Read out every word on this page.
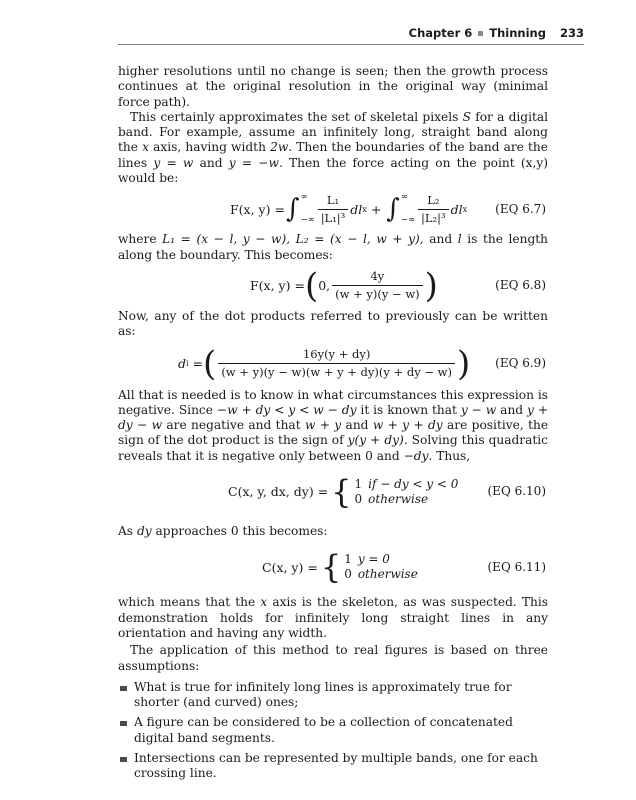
Chapter 6 Thinning 233

higher resolutions until no change is seen; then the growth process continues at the original resolution in the original way (minimal force path).

This certainly approximates the set of skeletal pixels S for a digital band. For example, assume an infinitely long, straight band along the x axis, having width 2w. Then the boundaries of the band are the lines y = w and y = −w. Then the force acting on the point (x,y) would be:

F(x, y) = ∫ ∞
−∞ $\frac{\text{L₁}}{\text{|L₁|³}}$ dl x + ∫ ∞
−∞ $\frac{\text{L₂}}{\text{|L₂|³}}$ dl x (EQ 6.7)

where L₁ = (x − l, y − w), L₂ = (x − l, w + y), and l is the length along the boundary. This becomes:

F(x, y) = ( 0, $\frac{4y}{(w + y)(y - w)}$ )	(EQ 6.8)

Now, any of the dot products referred to previously can be written as:

d i
= ( $\frac{16y(y + dy)}{(w + y)(y - w)(w + y + dy)(y + dy - w)}$ ) (EQ 6.9)

All that is needed is to know in what circumstances this expression is negative. Since −w + dy < y < w − dy it is known that y − w and y + dy − w are negative and that w + y and w + y + dy are positive, the sign of the dot product is the sign of y(y + dy). Solving this quadratic reveals that it is negative only between 0 and −dy. Thus,

C(x, y, dx, dy) = { 1 if − dy < y < 0
0 otherwise
(EQ 6.10)

As dy approaches 0 this becomes:

C(x, y) = { 1 y = 0
0 otherwise
(EQ 6.11)

which means that the x axis is the skeleton, as was suspected. This demonstration holds for infinitely long straight lines in any orientation and having any width.

The application of this method to real figures is based on three assumptions:

What is true for infinitely long lines is approximately true for shorter (and curved) ones;
A figure can be considered to be a collection of concatenated digital band segments.
Intersections can be represented by multiple bands, one for each crossing line.
